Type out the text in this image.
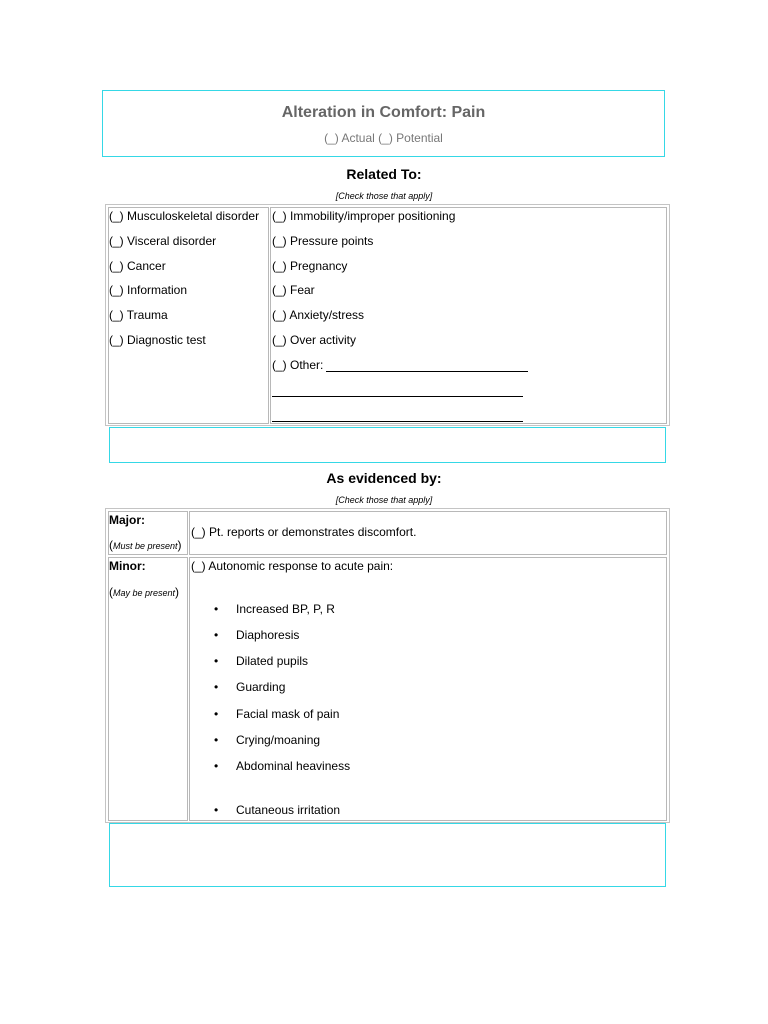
Alteration in Comfort: Pain
(_) Actual (_) Potential
Related To:
[Check those that apply]
(_) Musculoskeletal disorder
(_) Visceral disorder
(_) Cancer
(_) Information
(_) Trauma
(_) Diagnostic test
(_) Immobility/improper positioning
(_) Pressure points
(_) Pregnancy
(_) Fear
(_) Anxiety/stress
(_) Over activity
(_) Other:
As evidenced by:
[Check those that apply]
Major:
(Must be present)
(_) Pt. reports or demonstrates discomfort.
Minor:
(May be present)
(_) Autonomic response to acute pain:
• Increased BP, P, R
• Diaphoresis
• Dilated pupils
• Guarding
• Facial mask of pain
• Crying/moaning
• Abdominal heaviness
• Cutaneous irritation
